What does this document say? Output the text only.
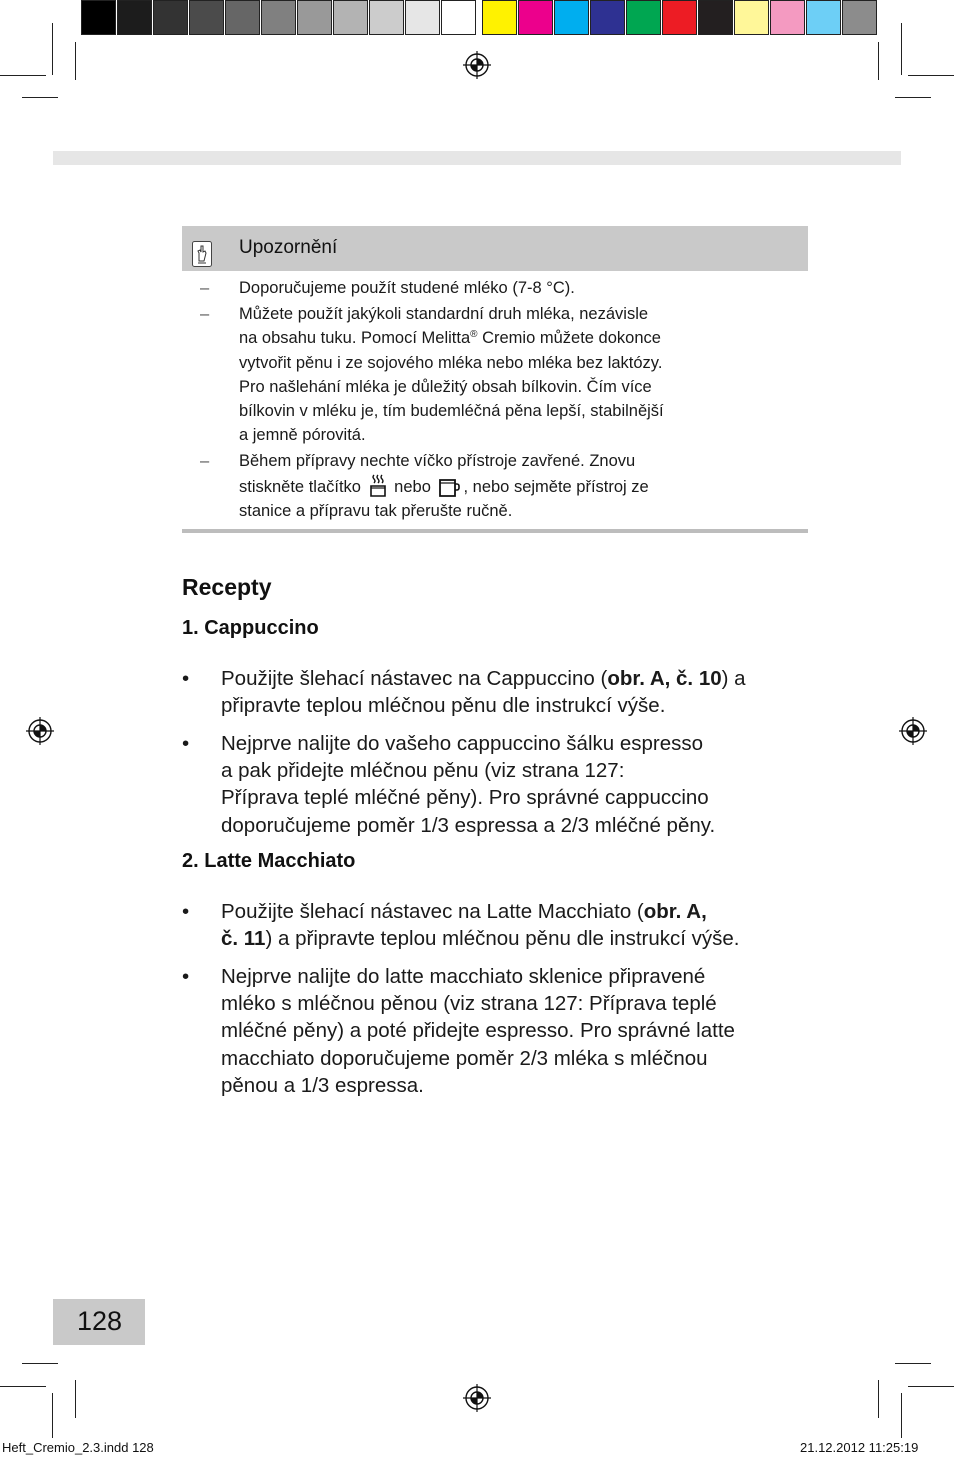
Upozornění
– Doporučujeme použít studené mléko (7-8 °C).
– Můžete použít jakýkoli standardní druh mléka, nezávisle
na obsahu tuku. Pomocí Melitta® Cremio můžete dokonce
vytvořit pěnu i ze sojového mléka nebo mléka bez laktózy.
Pro našlehání mléka je důležitý obsah bílkovin. Čím více
bílkovin v mléku je, tím budemléčná pěna lepší, stabilnější
a jemně pórovitá.
– Během přípravy nechte víčko přístroje zavřené. Znovu
stiskněte tlačítko nebo , nebo sejměte přístroj ze
stanice a přípravu tak přerušte ručně.
Recepty
1. Cappuccino
•	Použijte šlehací nástavec na Cappuccino (obr. A, č. 10) a
připravte teplou mléčnou pěnu dle instrukcí výše.
•	Nejprve nalijte do vašeho cappuccino šálku espresso
a pak přidejte mléčnou pěnu (viz strana 127:
Příprava teplé mléčné pěny). Pro správné cappuccino
doporučujeme poměr 1/3 espressa a 2/3 mléčné pěny.
2. Latte Macchiato
•	Použijte šlehací nástavec na Latte Macchiato (obr. A,
č. 11) a připravte teplou mléčnou pěnu dle instrukcí výše.
•	Nejprve nalijte do latte macchiato sklenice připravené
mléko s mléčnou pěnou (viz strana 127: Příprava teplé
mléčné pěny) a poté přidejte espresso. Pro správné latte
macchiato doporučujeme poměr 2/3 mléka s mléčnou
pěnou a 1/3 espressa.
128
Heft_Cremio_2.3.indd 128	21.12.2012 11:25:19
